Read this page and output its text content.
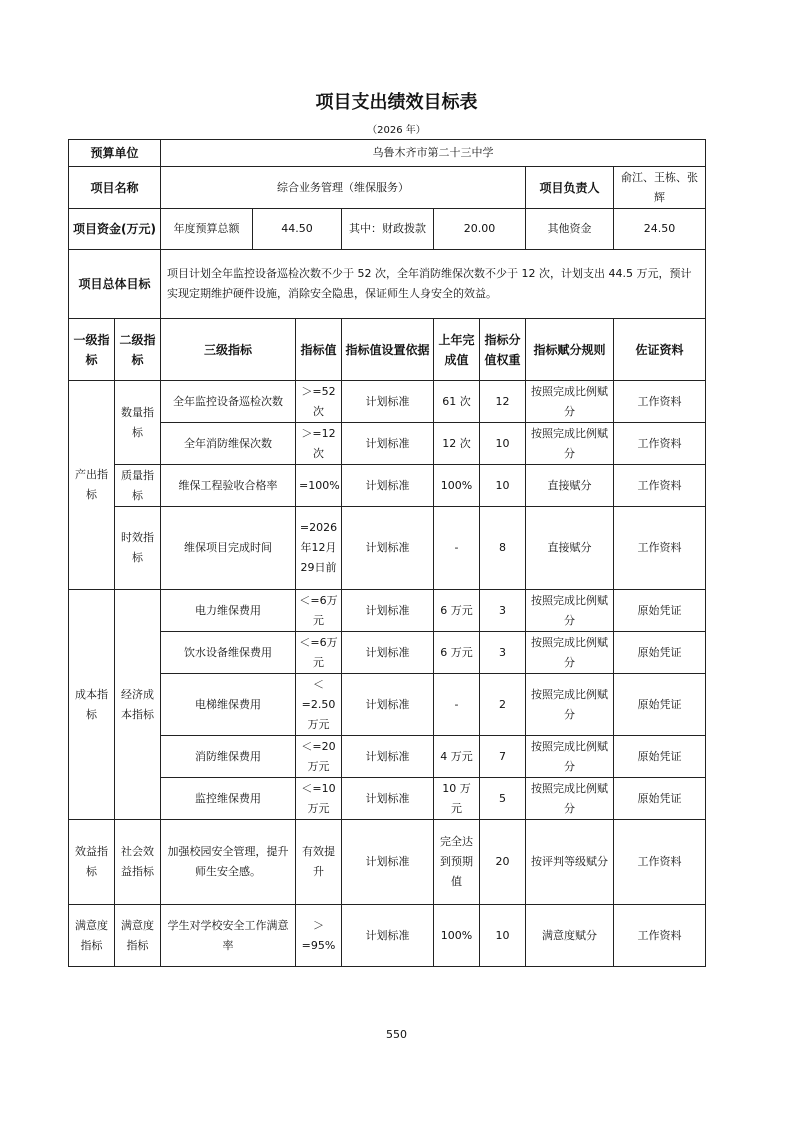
项目支出绩效目标表
（2026 年）
预算单位		乌鲁木齐市第二十三中学							
项目名称		综合业务管理（维保服务）						项目负责人	俞江、王栋、张辉
项目资金(万元)		年度预算总额	44.50		其中：财政拨款	20.00		其他资金	24.50
项目总体目标		项目计划全年监控设备巡检次数不少于 52 次，全年消防维保次数不少于 12 次，计划支出 44.5 万元，预计实现定期维护硬件设施，消除安全隐患，保证师生人身安全的效益。							
一级指标	二级指标	三级指标		指标值	指标值设置依据	上年完成值	指标分值权重	指标赋分规则	佐证资料
产出指标	数量指标	全年监控设备巡检次数		＞=52次	计划标准	61 次	12	按照完成比例赋分	工作资料
		全年消防维保次数		＞=12次	计划标准	12 次	10	按照完成比例赋分	工作资料
	质量指标	维保工程验收合格率		=100%	计划标准	100%	10	直接赋分	工作资料
	时效指标	维保项目完成时间		=2026年12月29日前	计划标准	-	8	直接赋分	工作资料
成本指标	经济成本指标	电力维保费用		＜=6万元	计划标准	6 万元	3	按照完成比例赋分	原始凭证
		饮水设备维保费用		＜=6万元	计划标准	6 万元	3	按照完成比例赋分	原始凭证
		电梯维保费用		＜=2.50万元	计划标准	-	2	按照完成比例赋分	原始凭证
		消防维保费用		＜=20万元	计划标准	4 万元	7	按照完成比例赋分	原始凭证
		监控维保费用		＜=10万元	计划标准	10 万元	5	按照完成比例赋分	原始凭证
效益指标	社会效益指标	加强校园安全管理，提升师生安全感。		有效提升	计划标准	完全达到预期值	20	按评判等级赋分	工作资料
满意度指标	满意度指标	学生对学校安全工作满意率		＞=95%	计划标准	100%	10	满意度赋分	工作资料
550
